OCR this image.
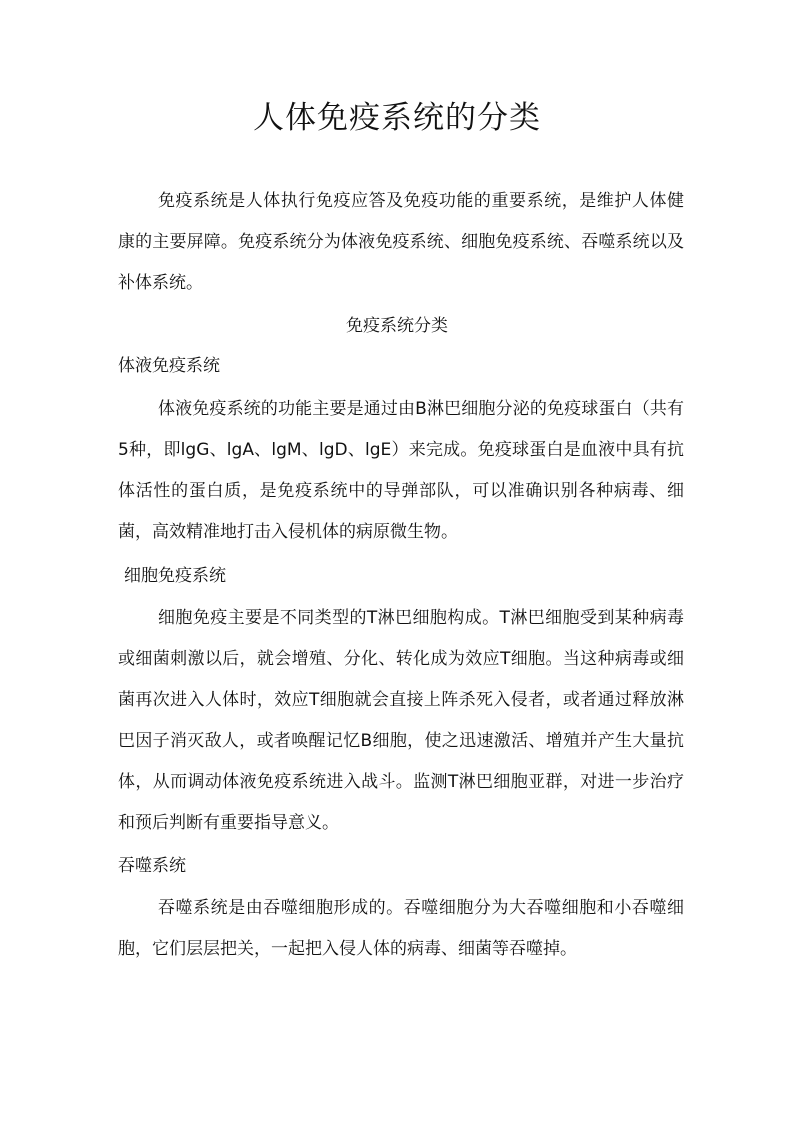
人体免疫系统的分类

免疫系统是人体执行免疫应答及免疫功能的重要系统，是维护人体健康的主要屏障。免疫系统分为体液免疫系统、细胞免疫系统、吞噬系统以及补体系统。

免疫系统分类

体液免疫系统

体液免疫系统的功能主要是通过由B淋巴细胞分泌的免疫球蛋白（共有5种，即lgG、lgA、lgM、lgD、lgE）来完成。免疫球蛋白是血液中具有抗体活性的蛋白质，是免疫系统中的导弹部队，可以准确识别各种病毒、细菌，高效精准地打击入侵机体的病原微生物。

细胞免疫系统

细胞免疫主要是不同类型的T淋巴细胞构成。T淋巴细胞受到某种病毒或细菌刺激以后，就会增殖、分化、转化成为效应T细胞。当这种病毒或细菌再次进入人体时，效应T细胞就会直接上阵杀死入侵者，或者通过释放淋巴因子消灭敌人，或者唤醒记忆B细胞，使之迅速激活、增殖并产生大量抗体，从而调动体液免疫系统进入战斗。监测T淋巴细胞亚群，对进一步治疗和预后判断有重要指导意义。

吞噬系统

吞噬系统是由吞噬细胞形成的。吞噬细胞分为大吞噬细胞和小吞噬细胞，它们层层把关，一起把入侵人体的病毒、细菌等吞噬掉。
